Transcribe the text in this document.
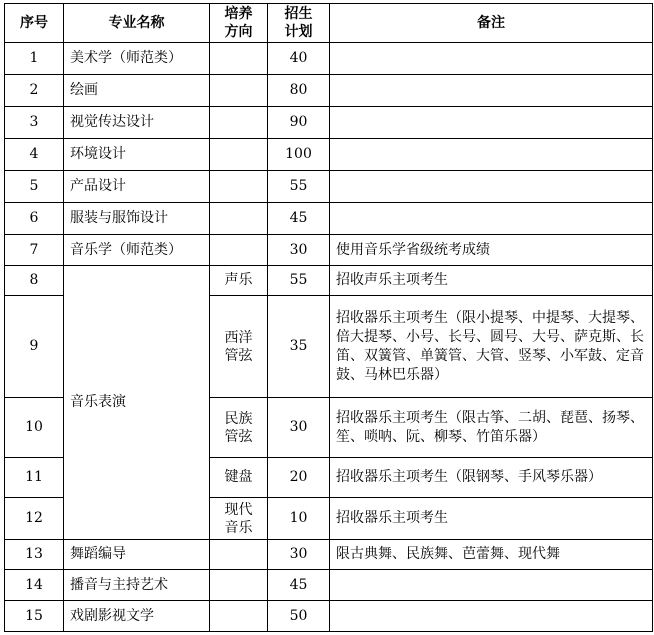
序号	专业名称	培养方向	招生计划	备注
1	美术学（师范类）		40	
2	绘画		80	
3	视觉传达设计		90	
4	环境设计		100	
5	产品设计		55	
6	服装与服饰设计		45	
7	音乐学（师范类）		30	使用音乐学省级统考成绩
8	音乐表演	声乐	55	招收声乐主项考生
9		西洋管弦	35	招收器乐主项考生（限小提琴、中提琴、大提琴、倍大提琴、小号、长号、圆号、大号、萨克斯、长笛、双簧管、单簧管、大管、竖琴、小军鼓、定音鼓、马林巴乐器）
10		民族管弦	30	招收器乐主项考生（限古筝、二胡、琵琶、扬琴、笙、唢呐、阮、柳琴、竹笛乐器）
11		键盘	20	招收器乐主项考生（限钢琴、手风琴乐器）
12		现代音乐	10	招收器乐主项考生
13	舞蹈编导		30	限古典舞、民族舞、芭蕾舞、现代舞
14	播音与主持艺术		45	
15	戏剧影视文学		50	
